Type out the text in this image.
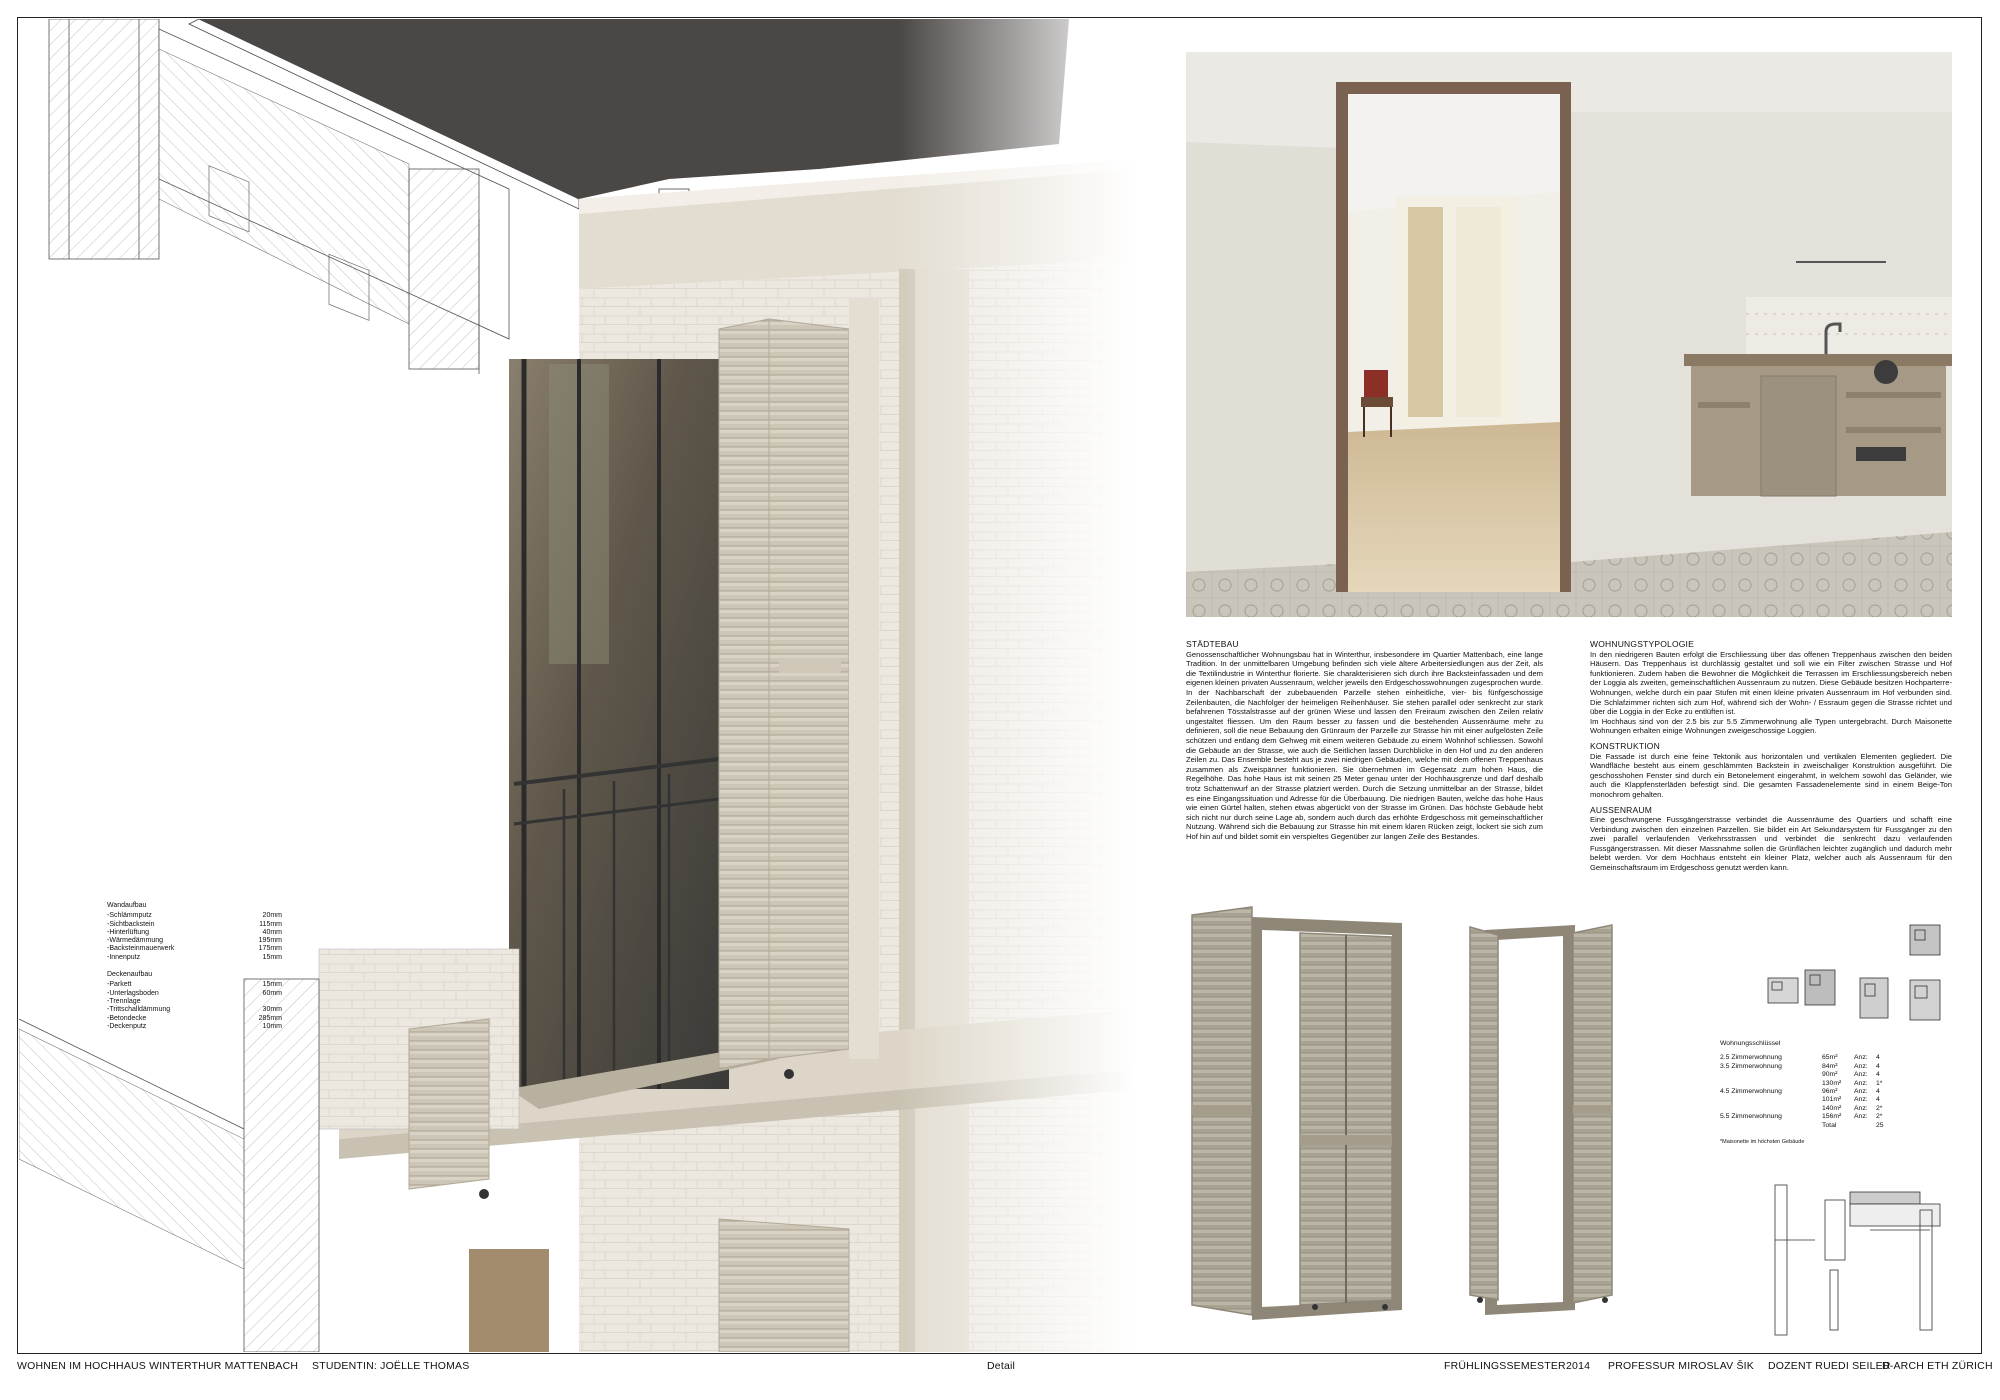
Wandaufbau
-Schlämmputz	20mm
-Sichtbackstein	115mm
-Hinterlüftung	40mm
-Wärmedämmung	195mm
-Backsteinmauerwerk	175mm
-Innenputz	15mm
Deckenaufbau
-Parkett	15mm
-Unterlagsboden	60mm
-Trennlage
-Trittschalldämmung	30mm
-Betondecke	285mm
-Deckenputz	10mm
STÄDTEBAU

Genossenschaftlicher Wohnungsbau hat in Winterthur, insbesondere im Quartier Mattenbach, eine lange Tradition. In der unmittelbaren Umgebung befinden sich viele ältere Arbeitersiedlungen aus der Zeit, als die Textilindustrie in Winterthur florierte. Sie charakterisieren sich durch ihre Backsteinfassaden und dem eigenen kleinen privaten Aussenraum, welcher jeweils den Erdgeschosswohnungen zugesprochen wurde. In der Nachbarschaft der zubebauenden Parzelle stehen einheitliche, vier- bis fünfgeschossige Zeilenbauten, die Nachfolger der heimeligen Reihenhäuser. Sie stehen parallel oder senkrecht zur stark befahrenen Tösstalstrasse auf der grünen Wiese und lassen den Freiraum zwischen den Zeilen relativ ungestaltet fliessen. Um den Raum besser zu fassen und die bestehenden Aussenräume mehr zu definieren, soll die neue Bebauung den Grünraum der Parzelle zur Strasse hin mit einer aufgelösten Zeile schützen und entlang dem Gehweg mit einem weiteren Gebäude zu einem Wohnhof schliessen. Sowohl die Gebäude an der Strasse, wie auch die Seitlichen lassen Durchblicke in den Hof und zu den anderen Zeilen zu. Das Ensemble besteht aus je zwei niedrigen Gebäuden, welche mit dem offenen Treppenhaus zusammen als Zweispänner funktionieren. Sie übernehmen im Gegensatz zum hohen Haus, die Regelhöhe. Das hohe Haus ist mit seinen 25 Meter genau unter der Hochhausgrenze und darf deshalb trotz Schattenwurf an der Strasse platziert werden. Durch die Setzung unmittelbar an der Strasse, bildet es eine Eingangssituation und Adresse für die Überbauung. Die niedrigen Bauten, welche das hohe Haus wie einen Gürtel halten, stehen etwas abgerückt von der Strasse im Grünen. Das höchste Gebäude hebt sich nicht nur durch seine Lage ab, sondern auch durch das erhöhte Erdgeschoss mit gemeinschaftlicher Nutzung. Während sich die Bebauung zur Strasse hin mit einem klaren Rücken zeigt, lockert sie sich zum Hof hin auf und bildet somit ein verspieltes Gegenüber zur langen Zeile des Bestandes.

WOHNUNGSTYPOLOGIE

In den niedrigeren Bauten erfolgt die Erschliessung über das offenen Treppenhaus zwischen den beiden Häusern. Das Treppenhaus ist durchlässig gestaltet und soll wie ein Filter zwischen Strasse und Hof funktionieren. Zudem haben die Bewohner die Möglichkeit die Terrassen im Erschliessungsbereich neben der Loggia als zweiten, gemeinschaftlichen Aussenraum zu nutzen. Diese Gebäude besitzen Hochparterre-Wohnungen, welche durch ein paar Stufen mit einen kleine privaten Aussenraum im Hof verbunden sind. Die Schlafzimmer richten sich zum Hof, während sich der Wohn- / Essraum gegen die Strasse richtet und über die Loggia in der Ecke zu entlüften ist.

Im Hochhaus sind von der 2.5 bis zur 5.5 Zimmerwohnung alle Typen untergebracht. Durch Maisonette Wohnungen erhalten einige Wohnungen zweigeschossige Loggien.

KONSTRUKTION

Die Fassade ist durch eine feine Tektonik aus horizontalen und vertikalen Elementen gegliedert. Die Wandfläche besteht aus einem geschlämmten Backstein in zweischaliger Konstruktion ausgeführt. Die geschosshohen Fenster sind durch ein Betonelement eingerahmt, in welchem sowohl das Geländer, wie auch die Klappfensterläden befestigt sind. Die gesamten Fassadenelemente sind in einem Beige-Ton monochrom gehalten.

AUSSENRAUM

Eine geschwungene Fussgängerstrasse verbindet die Aussenräume des Quartiers und schafft eine Verbindung zwischen den einzelnen Parzellen. Sie bildet ein Art Sekundärsystem für Fussgänger zu den zwei parallel verlaufenden Verkehrsstrassen und verbindet die senkrecht dazu verlaufenden Fussgängerstrassen. Mit dieser Massnahme sollen die Grünflächen leichter zugänglich und dadurch mehr belebt werden. Vor dem Hochhaus entsteht ein kleiner Platz, welcher auch als Aussenraum für den Gemeinschaftsraum im Erdgeschoss genutzt werden kann.

Wohnungsschlüssel
2.5 Zimmerwohnung	65m²	Anz:	4
3.5 Zimmerwohnung	84m²	Anz:	4
90m²	Anz:	4
130m²	Anz:	1*
4.5 Zimmerwohnung	96m²	Anz:	4
101m²	Anz:	4
140m²	Anz:	2*
5.5 Zimmerwohnung	156m²	Anz:	2*
Total	25
*Maisonette im höchsten Gebäude
WOHNEN IM HOCHHAUS WINTERTHUR MATTENBACH STUDENTIN: JOËLLE THOMAS	Detail	FRÜHLINGSSEMESTER 2014 PROFESSUR MIROSLAV ŠIK DOZENT RUEDI SEILER
D-ARCH ETH ZÜRICH
